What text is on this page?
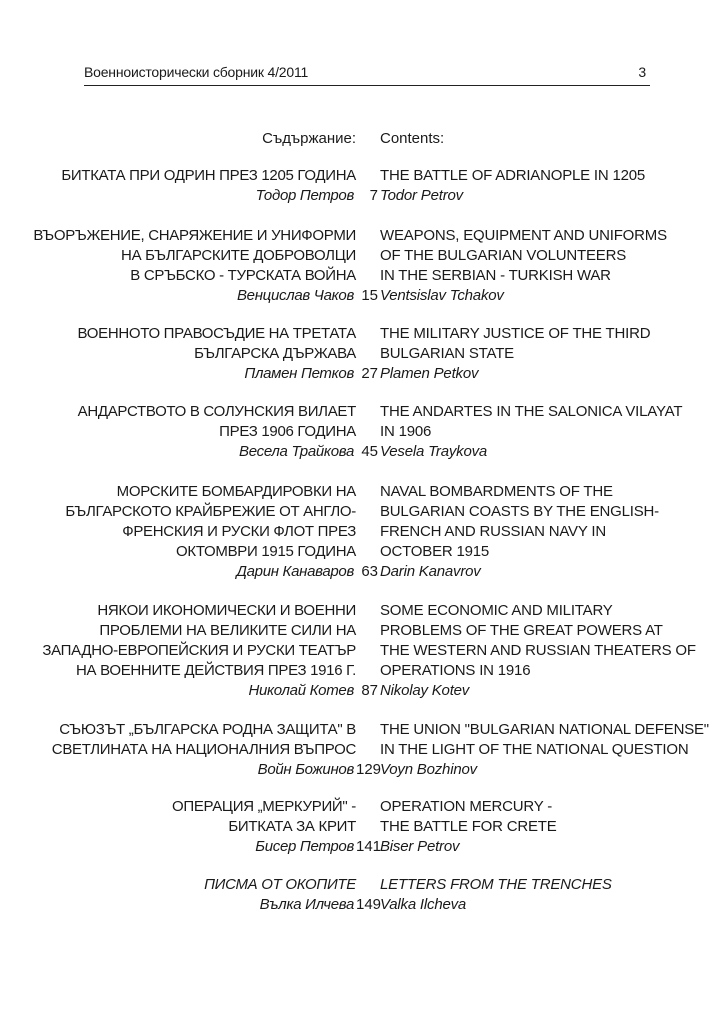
Военноисторически сборник 4/2011	3
Съдържание: Contents:
БИТКАТА ПРИ ОДРИН ПРЕЗ 1205 ГОДИНА THE BATTLE OF ADRIANOPLE IN 1205
Тодор Петров	7 Todor Petrov
ВЪОРЪЖЕНИЕ, СНАРЯЖЕНИЕ И УНИФОРМИ WEAPONS, EQUIPMENT AND UNIFORMS
НА БЪЛГАРСКИТЕ ДОБРОВОЛЦИ OF THE BULGARIAN VOLUNTEERS
В СРЪБСКО - ТУРСКАТА ВОЙНА IN THE SERBIAN - TURKISH WAR
Венцислав Чаков 15 Ventsislav Tchakov
ВОЕННОТО ПРАВОСЪДИЕ НА ТРЕТАТА THE MILITARY JUSTICE OF THE THIRD
БЪЛГАРСКА ДЪРЖАВА BULGARIAN STATE
Пламен Петков 27 Plamen Petkov
АНДАРСТВОТО В СОЛУНСКИЯ ВИЛАЕТ THE ANDARTES IN THE SALONICA VILAYAT
ПРЕЗ 1906 ГОДИНА IN 1906
Весела Трайкова 45 Vesela Traykova
МОРСКИТЕ БОМБАРДИРОВКИ НА NAVAL BOMBARDMENTS OF THE
БЪЛГАРСКОТО КРАЙБРЕЖИЕ ОТ АНГЛО- BULGARIAN COASTS BY THE ENGLISH-
ФРЕНСКИЯ И РУСКИ ФЛОТ ПРЕЗ FRENCH AND RUSSIAN NAVY IN
ОКТОМВРИ 1915 ГОДИНА OCTOBER 1915
Дарин Канаваров 63 Darin Kanavrov
НЯКОИ ИКОНОМИЧЕСКИ И ВОЕННИ SOME ECONOMIC AND MILITARY
ПРОБЛЕМИ НА ВЕЛИКИТЕ СИЛИ НА PROBLEMS OF THE GREAT POWERS AT
ЗАПАДНО-ЕВРОПЕЙСКИЯ И РУСКИ ТЕАТЪР THE WESTERN AND RUSSIAN THEATERS OF
НА ВОЕННИТЕ ДЕЙСТВИЯ ПРЕЗ 1916 Г. OPERATIONS IN 1916
Николай Котев 87 Nikolay Kotev
СЪЮЗЪТ „БЪЛГАРСКА РОДНА ЗАЩИТА" В THE UNION "BULGARIAN NATIONAL DEFENSE"
СВЕТЛИНАТА НА НАЦИОНАЛНИЯ ВЪПРОС IN THE LIGHT OF THE NATIONAL QUESTION
Войн Божинов 129
Voyn Bozhinov
ОПЕРАЦИЯ „МЕРКУРИЙ" - OPERATION MERCURY -
БИТКАТА ЗА КРИТ THE BATTLE FOR CRETE
Бисер Петров 141
Biser Petrov
ПИСМА ОТ ОКОПИТЕ LETTERS FROM THE TRENCHES
Вълка Илчева 149
Valka Ilcheva
